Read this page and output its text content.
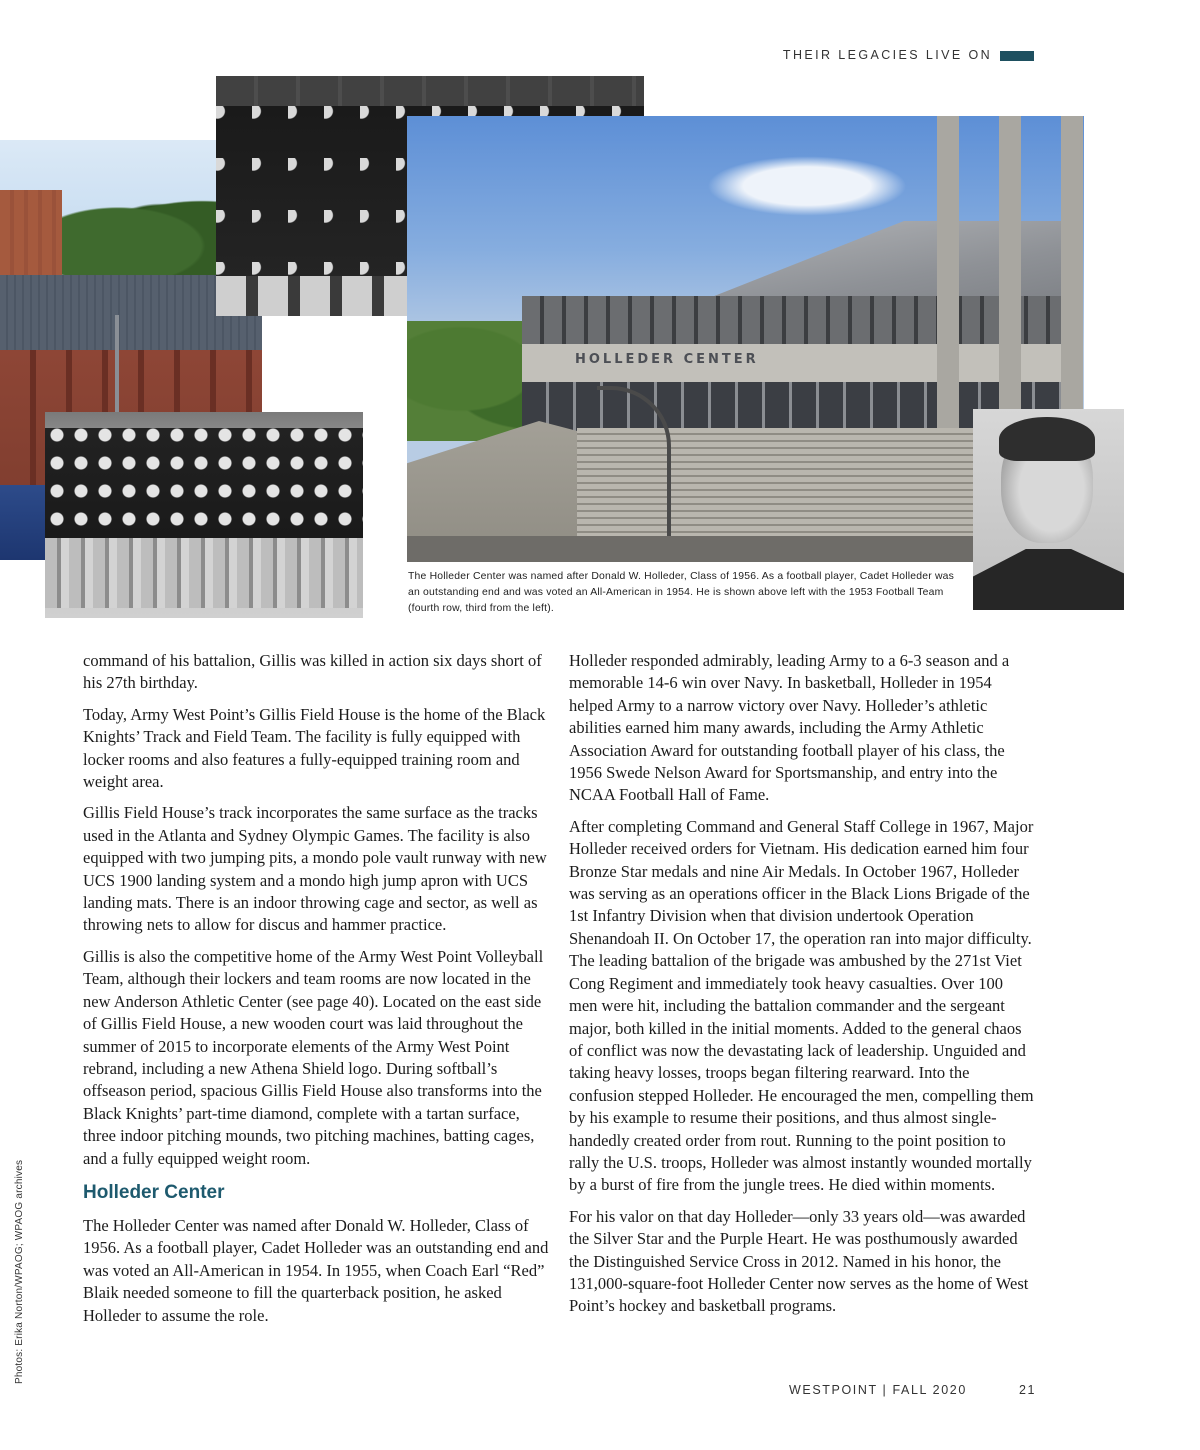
THEIR LEGACIES LIVE ON
HOLLEDER CENTER
The Holleder Center was named after Donald W. Holleder, Class of 1956. As a football player, Cadet Holleder was an outstanding end and was voted an All-American in 1954. He is shown above left with the 1953 Football Team (fourth row, third from the left).
Photos: Erika Norton/WPAOG; WPAOG archives

command of his battalion, Gillis was killed in action six days short of his 27th birthday.

Today, Army West Point’s Gillis Field House is the home of the Black Knights’ Track and Field Team. The facility is fully equipped with locker rooms and also features a fully-equipped training room and weight area.

Gillis Field House’s track incorporates the same surface as the tracks used in the Atlanta and Sydney Olympic Games. The facility is also equipped with two jumping pits, a mondo pole vault runway with new UCS 1900 landing system and a mondo high jump apron with UCS landing mats. There is an indoor throwing cage and sector, as well as throwing nets to allow for discus and hammer practice.

Gillis is also the competitive home of the Army West Point Volleyball Team, although their lockers and team rooms are now located in the new Anderson Athletic Center (see page 40). Located on the east side of Gillis Field House, a new wooden court was laid throughout the summer of 2015 to incorporate elements of the Army West Point rebrand, including a new Athena Shield logo. During softball’s offseason period, spacious Gillis Field House also transforms into the Black Knights’ part-time diamond, complete with a tartan surface, three indoor pitching mounds, two pitching machines, batting cages, and a fully equipped weight room.

Holleder Center

The Holleder Center was named after Donald W. Holleder, Class of 1956. As a football player, Cadet Holleder was an outstanding end and was voted an All-American in 1954. In 1955, when Coach Earl “Red” Blaik needed someone to fill the quarterback position, he asked Holleder to assume the role.

Holleder responded admirably, leading Army to a 6-3 season and a memorable 14-6 win over Navy. In basketball, Holleder in 1954 helped Army to a narrow victory over Navy. Holleder’s athletic abilities earned him many awards, including the Army Athletic Association Award for outstanding football player of his class, the 1956 Swede Nelson Award for Sportsmanship, and entry into the NCAA Football Hall of Fame.

After completing Command and General Staff College in 1967, Major Holleder received orders for Vietnam. His dedication earned him four Bronze Star medals and nine Air Medals. In October 1967, Holleder was serving as an operations officer in the Black Lions Brigade of the 1st Infantry Division when that division undertook Operation Shenandoah II. On October 17, the operation ran into major difficulty. The leading battalion of the brigade was ambushed by the 271st Viet Cong Regiment and immediately took heavy casualties. Over 100 men were hit, including the battalion commander and the sergeant major, both killed in the initial moments. Added to the general chaos of conflict was now the devastating lack of leadership. Unguided and taking heavy losses, troops began filtering rearward. Into the confusion stepped Holleder. He encouraged the men, compelling them by his example to resume their positions, and thus almost single-handedly created order from rout. Running to the point position to rally the U.S. troops, Holleder was almost instantly wounded mortally by a burst of fire from the jungle trees. He died within moments.

For his valor on that day Holleder—only 33 years old—was awarded the Silver Star and the Purple Heart. He was posthumously awarded the Distinguished Service Cross in 2012. Named in his honor, the 131,000-square-foot Holleder Center now serves as the home of West Point’s hockey and basketball programs.

WESTPOINT | FALL 2020	21
